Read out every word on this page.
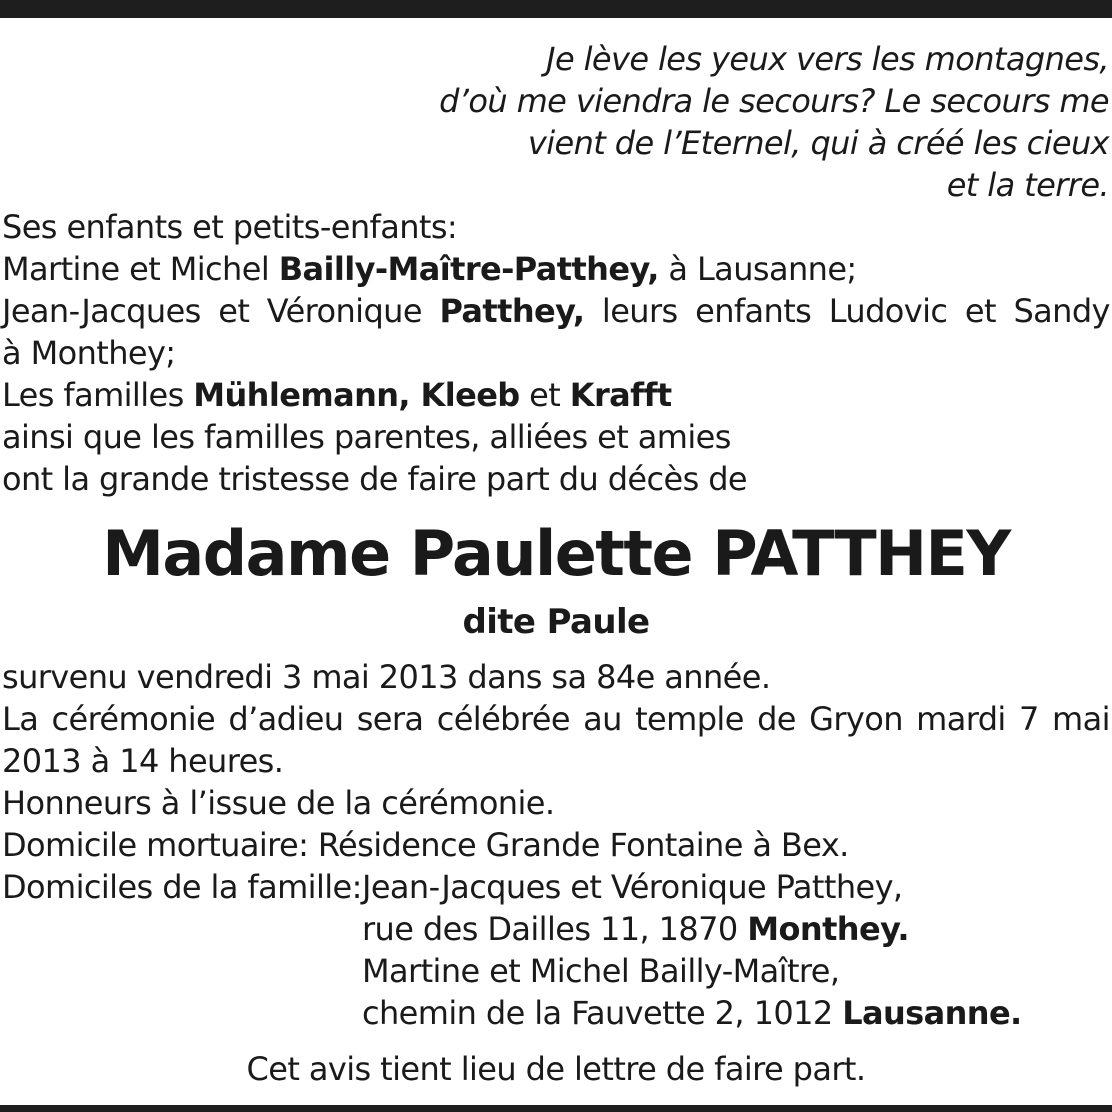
Je lève les yeux vers les montagnes,
d’où me viendra le secours? Le secours me
vient de l’Eternel, qui à créé les cieux
et la terre.
Ses enfants et petits-enfants:
Martine et Michel Bailly-Maître-Patthey, à Lausanne;
Jean-Jacques et Véronique Patthey, leurs enfants Ludovic et Sandy
à Monthey;
Les familles Mühlemann, Kleeb et Krafft
ainsi que les familles parentes, alliées et amies
ont la grande tristesse de faire part du décès de
Madame Paulette PATTHEY
dite Paule
survenu vendredi 3 mai 2013 dans sa 84e année.
La cérémonie d’adieu sera célébrée au temple de Gryon mardi 7 mai
2013 à 14 heures.
Honneurs à l’issue de la cérémonie.
Domicile mortuaire: Résidence Grande Fontaine à Bex.
Domiciles de la famille: Jean-Jacques et Véronique Patthey,
rue des Dailles 11, 1870 Monthey.
Martine et Michel Bailly-Maître,
chemin de la Fauvette 2, 1012 Lausanne.
Cet avis tient lieu de lettre de faire part.
